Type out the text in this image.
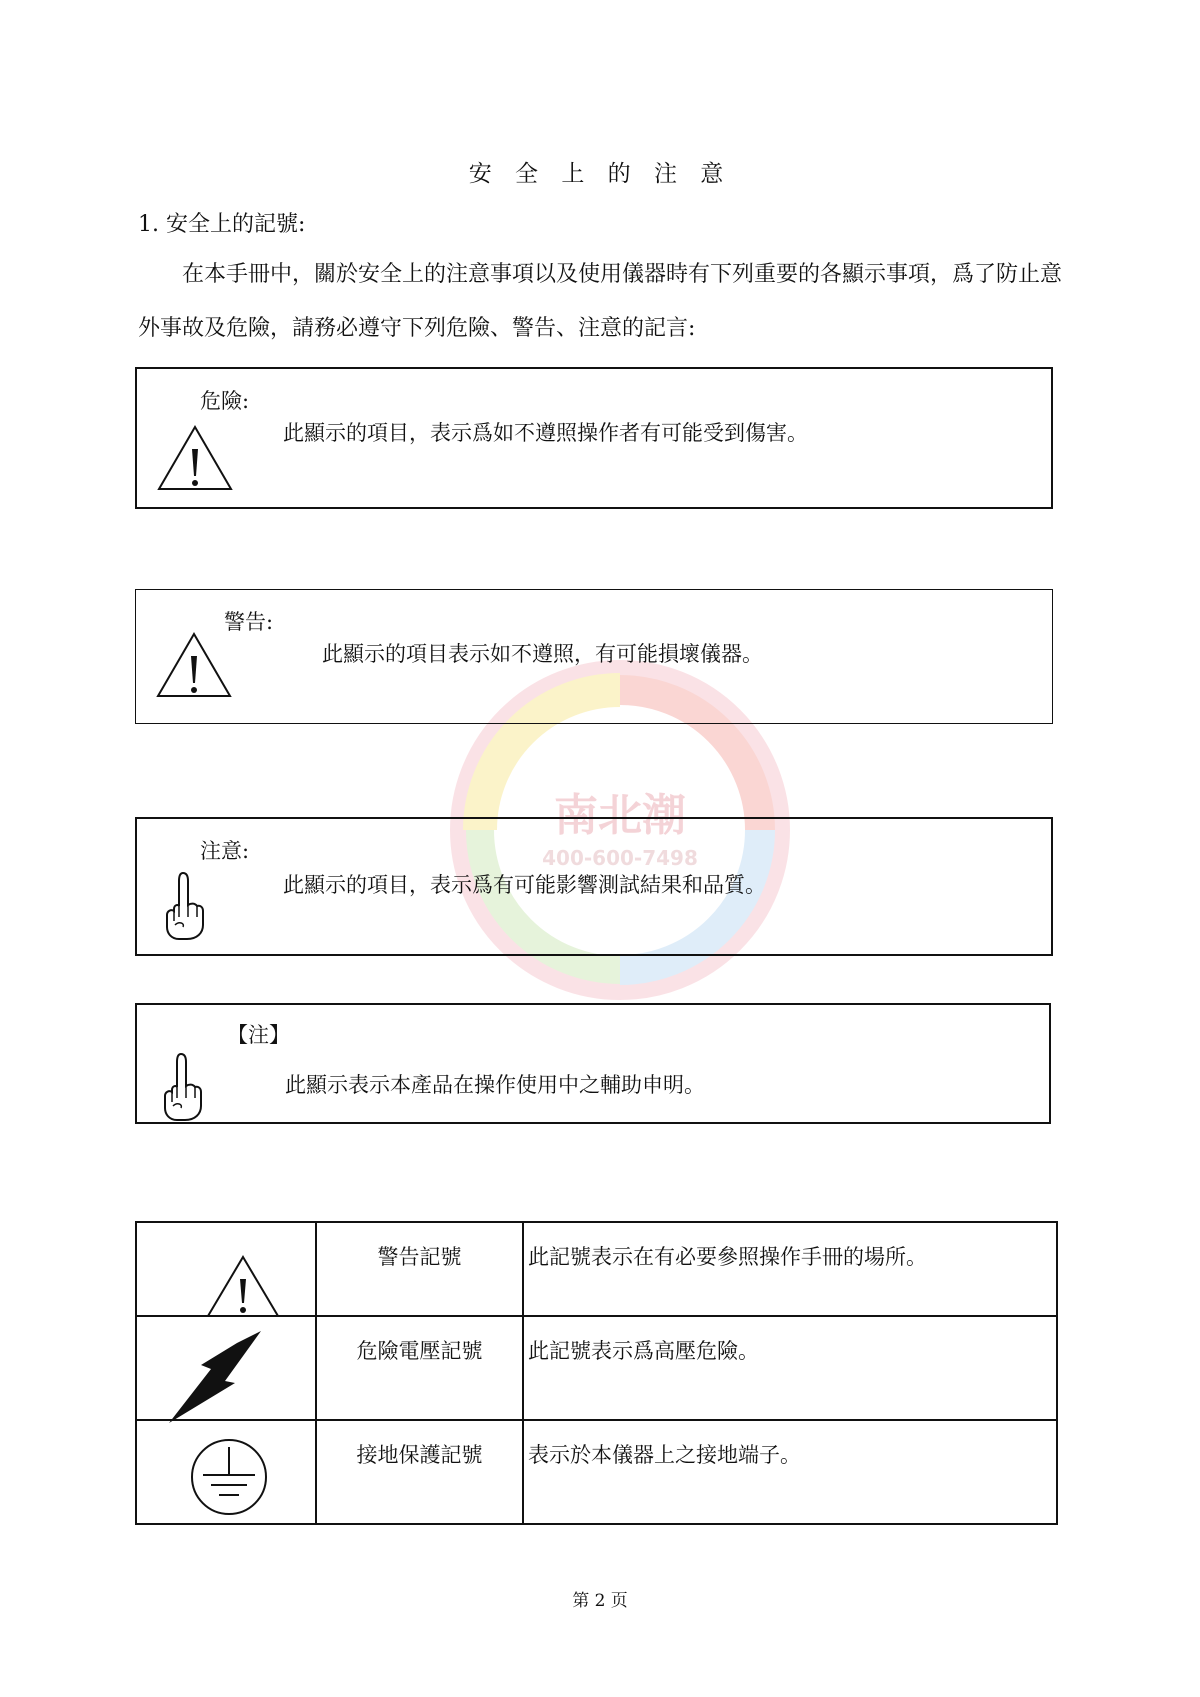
南北潮
400-600-7498
安 全 上 的 注 意
1. 安全上的記號:
在本手冊中，關於安全上的注意事項以及使用儀器時有下列重要的各顯示事項，爲了防止意外事故及危險，請務必遵守下列危險、警告、注意的記言:
危險:
此顯示的項目，表示爲如不遵照操作者有可能受到傷害。
警告:
此顯示的項目表示如不遵照，有可能損壞儀器。
注意:
此顯示的項目，表示爲有可能影響測試結果和品質。
【注】
此顯示表示本產品在操作使用中之輔助申明。

警告記號	此記號表示在有必要參照操作手冊的場所。

危險電壓記號	此記號表示爲高壓危險。

接地保護記號	表示於本儀器上之接地端子。
第 2 页
